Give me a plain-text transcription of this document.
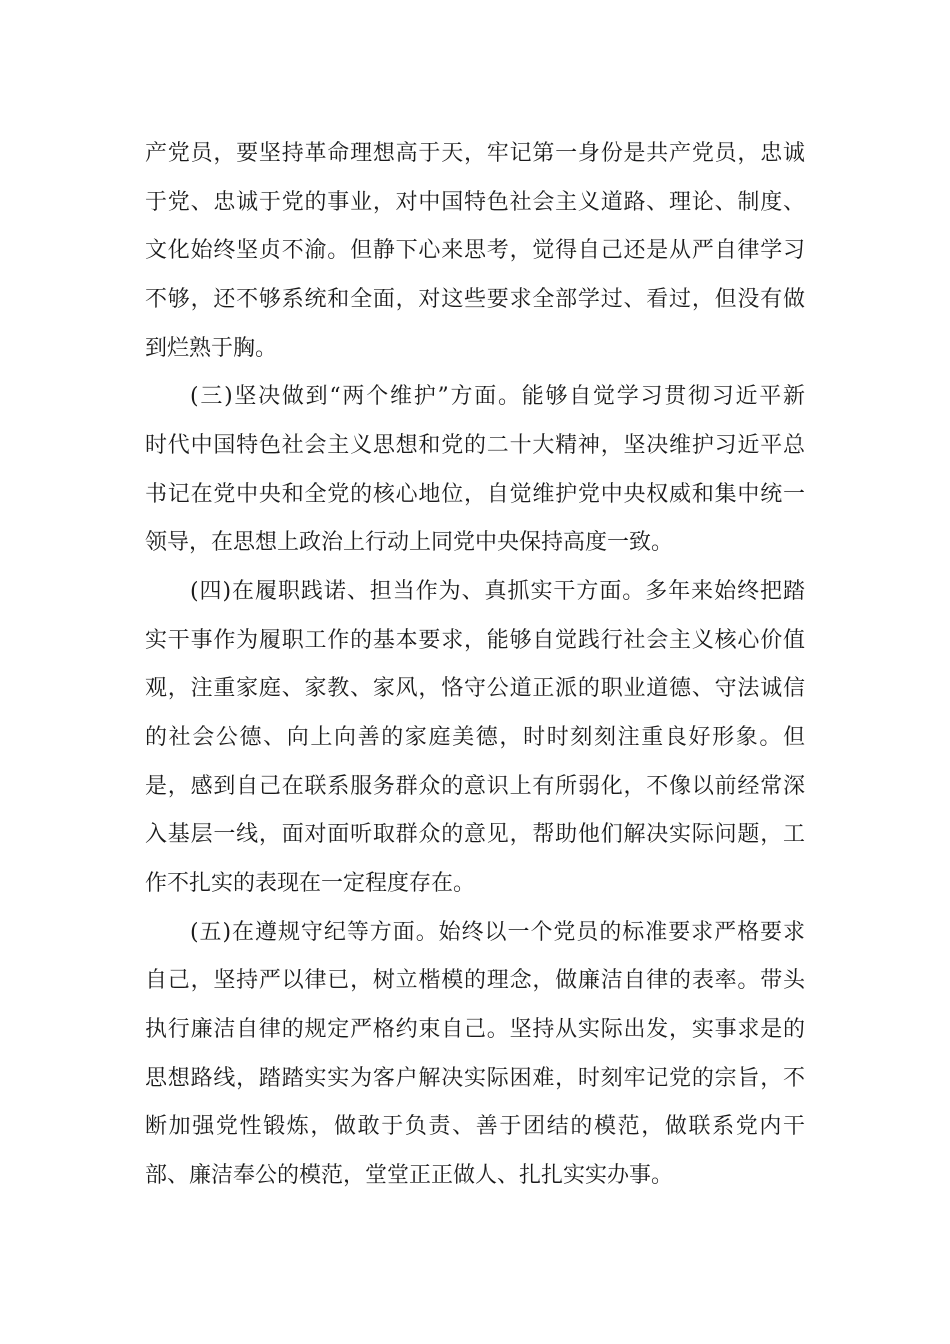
产党员，要坚持革命理想高于天，牢记第一身份是共产党员，忠诚

于党、忠诚于党的事业，对中国特色社会主义道路、理论、制度、

文化始终坚贞不渝。但静下心来思考，觉得自己还是从严自律学习

不够，还不够系统和全面，对这些要求全部学过、看过，但没有做

到烂熟于胸。

(三)坚决做到“两个维护”方面。能够自觉学习贯彻习近平新

时代中国特色社会主义思想和党的二十大精神，坚决维护习近平总

书记在党中央和全党的核心地位，自觉维护党中央权威和集中统一

领导，在思想上政治上行动上同党中央保持高度一致。

(四)在履职践诺、担当作为、真抓实干方面。多年来始终把踏

实干事作为履职工作的基本要求，能够自觉践行社会主义核心价值

观，注重家庭、家教、家风，恪守公道正派的职业道德、守法诚信

的社会公德、向上向善的家庭美德，时时刻刻注重良好形象。但

是，感到自己在联系服务群众的意识上有所弱化，不像以前经常深

入基层一线，面对面听取群众的意见，帮助他们解决实际问题，工

作不扎实的表现在一定程度存在。

(五)在遵规守纪等方面。始终以一个党员的标准要求严格要求

自己，坚持严以律已，树立楷模的理念，做廉洁自律的表率。带头

执行廉洁自律的规定严格约束自己。坚持从实际出发，实事求是的

思想路线，踏踏实实为客户解决实际困难，时刻牢记党的宗旨，不

断加强党性锻炼，做敢于负责、善于团结的模范，做联系党内干

部、廉洁奉公的模范，堂堂正正做人、扎扎实实办事。
